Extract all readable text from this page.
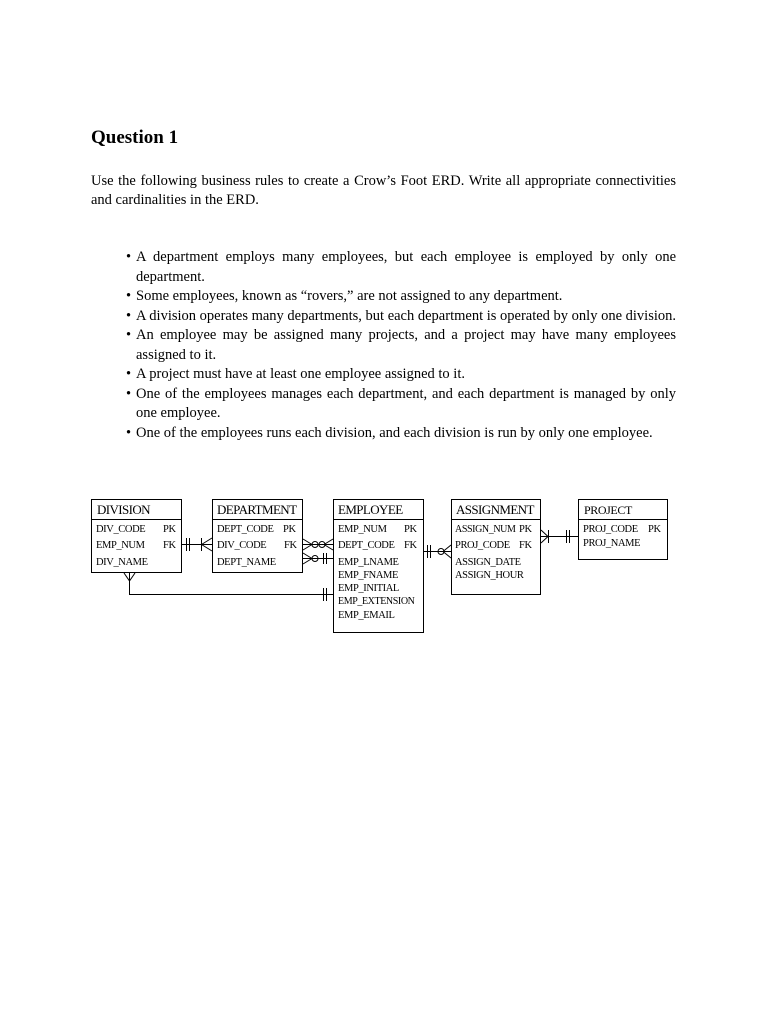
Question 1
Use the following business rules to create a Crow’s Foot ERD. Write all appropriate connectivities and cardinalities in the ERD.
• A department employs many employees, but each employee is employed by only one department.
• Some employees, known as “rovers,” are not assigned to any department.
• A division operates many departments, but each department is operated by only one division.
• An employee may be assigned many projects, and a project may have many employees assigned to it.
• A project must have at least one employee assigned to it.
• One of the employees manages each department, and each department is managed by only one employee.
• One of the employees runs each division, and each division is run by only one employee.
DIVISION
DIV_CODE PK
EMP_NUM FK
DIV_NAME
DEPARTMENT
DEPT_CODE PK
DIV_CODE FK
DEPT_NAME
EMPLOYEE
EMP_NUM PK
DEPT_CODE FK
EMP_LNAME
EMP_FNAME
EMP_INITIAL
EMP_EXTENSION
EMP_EMAIL
ASSIGNMENT
ASSIGN_NUM PK
PROJ_CODE FK
ASSIGN_DATE
ASSIGN_HOUR
PROJECT
PROJ_CODE PK
PROJ_NAME
